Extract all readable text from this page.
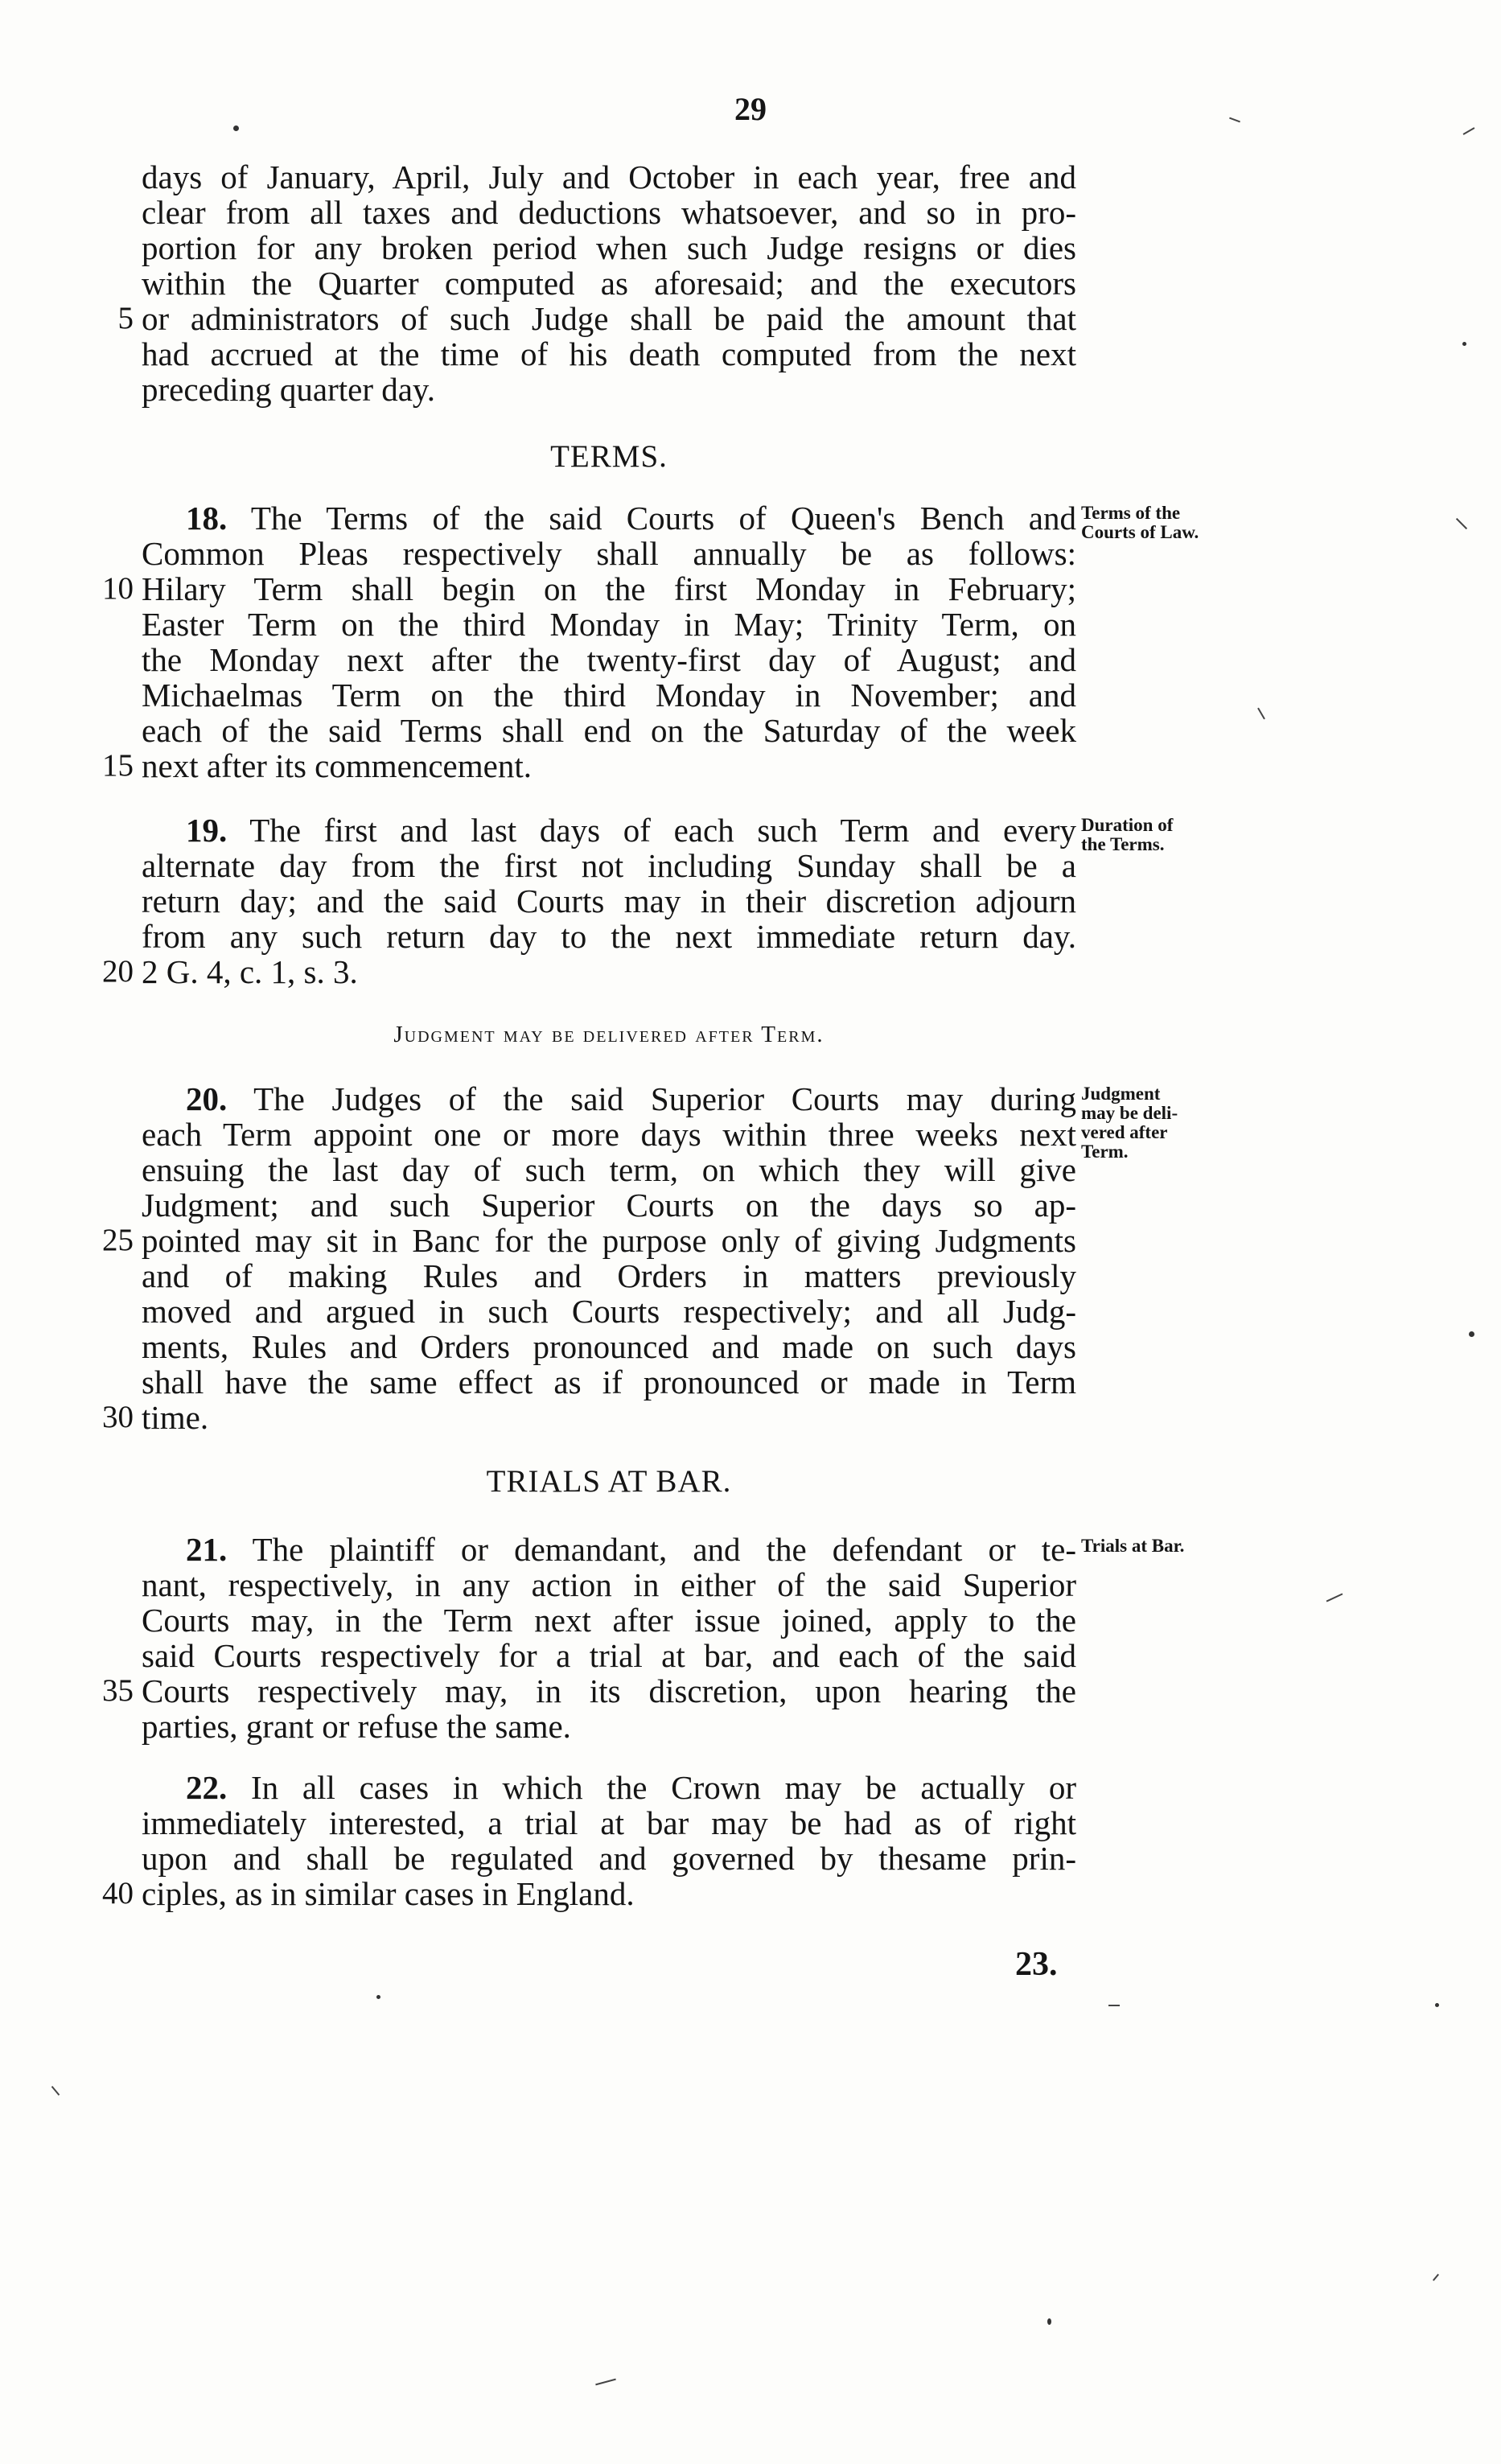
29
days of January, April, July and October in each year, free and
clear from all taxes and deductions whatsoever, and so in pro-
portion for any broken period when such Judge resigns or dies
within the Quarter computed as aforesaid; and the executors
5 or administrators of such Judge shall be paid the amount that
had accrued at the time of his death computed from the next
preceding quarter day.
TERMS.
Terms of the
Courts of Law.
18. The Terms of the said Courts of Queen's Bench and
Common Pleas respectively shall annually be as follows:
10 Hilary Term shall begin on the first Monday in February;
Easter Term on the third Monday in May; Trinity Term, on
the Monday next after the twenty-first day of August; and
Michaelmas Term on the third Monday in November; and
each of the said Terms shall end on the Saturday of the week
15 next after its commencement.
Duration of
the Terms.
19. The first and last days of each such Term and every
alternate day from the first not including Sunday shall be a
return day; and the said Courts may in their discretion adjourn
from any such return day to the next immediate return day.
20 2 G. 4, c. 1, s. 3.
Judgment may be delivered after Term.
Judgment
may be deli-
vered after
Term.
20. The Judges of the said Superior Courts may during
each Term appoint one or more days within three weeks next
ensuing the last day of such term, on which they will give
Judgment; and such Superior Courts on the days so ap-
25 pointed may sit in Banc for the purpose only of giving Judgments
and of making Rules and Orders in matters previously
moved and argued in such Courts respectively; and all Judg-
ments, Rules and Orders pronounced and made on such days
shall have the same effect as if pronounced or made in Term
30 time.
TRIALS AT BAR.
Trials at Bar.
21. The plaintiff or demandant, and the defendant or te-
nant, respectively, in any action in either of the said Superior
Courts may, in the Term next after issue joined, apply to the
said Courts respectively for a trial at bar, and each of the said
35 Courts respectively may, in its discretion, upon hearing the
parties, grant or refuse the same.
22. In all cases in which the Crown may be actually or
immediately interested, a trial at bar may be had as of right
upon and shall be regulated and governed by thesame prin-
40 ciples, as in similar cases in England.
23.
